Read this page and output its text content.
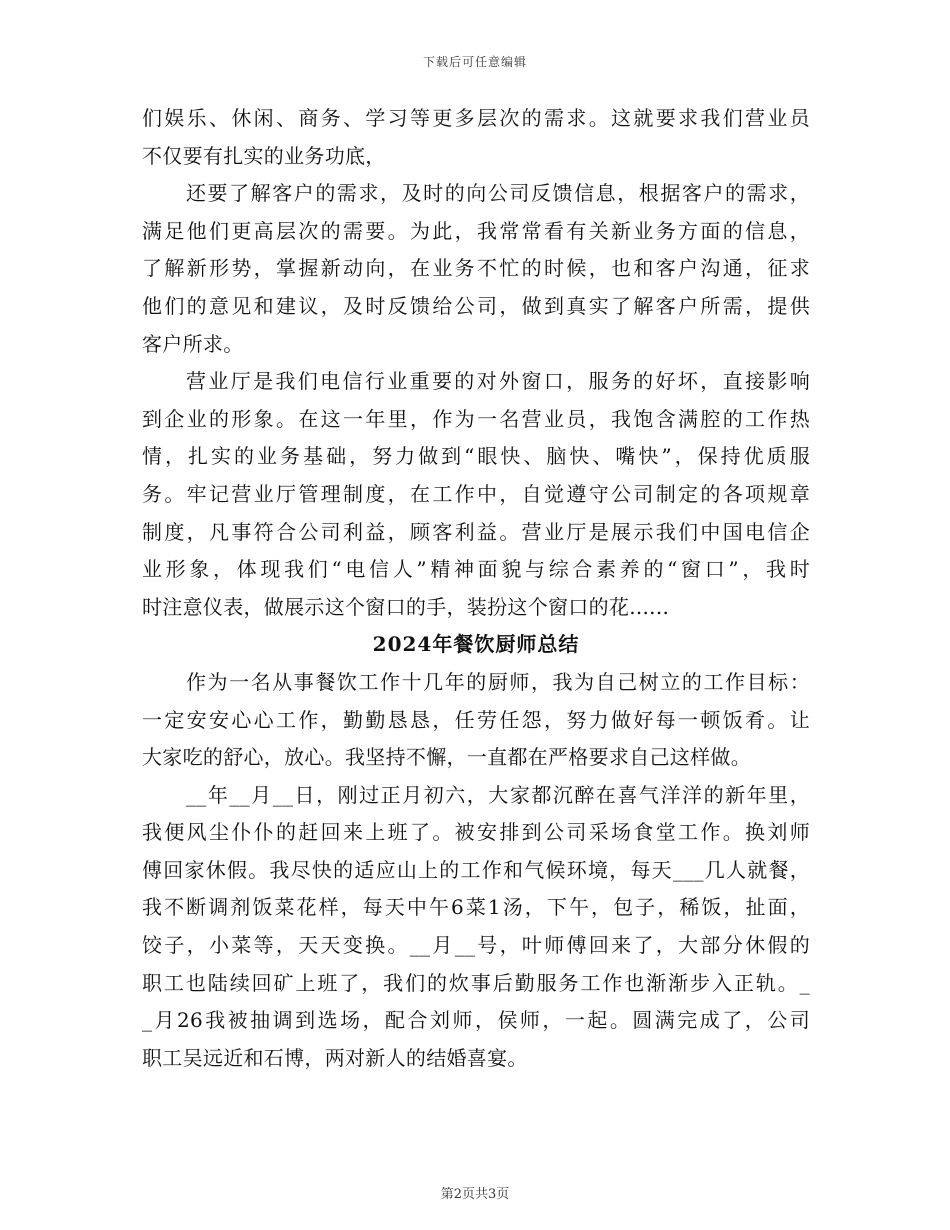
下载后可任意编辑
们娱乐、休闲、商务、学习等更多层次的需求。这就要求我们营业员
不仅要有扎实的业务功底，
还要了解客户的需求，及时的向公司反馈信息，根据客户的需求，
满足他们更高层次的需要。为此，我常常看有关新业务方面的信息，
了解新形势，掌握新动向，在业务不忙的时候，也和客户沟通，征求
他们的意见和建议，及时反馈给公司，做到真实了解客户所需，提供
客户所求。
营业厅是我们电信行业重要的对外窗口，服务的好坏，直接影响
到企业的形象。在这一年里，作为一名营业员，我饱含满腔的工作热
情，扎实的业务基础，努力做到“眼快、脑快、嘴快”，保持优质服
务。牢记营业厅管理制度，在工作中，自觉遵守公司制定的各项规章
制度，凡事符合公司利益，顾客利益。营业厅是展示我们中国电信企
业形象，体现我们“电信人”精神面貌与综合素养的“窗口”，我时
时注意仪表，做展示这个窗口的手，装扮这个窗口的花......
2024年餐饮厨师总结
作为一名从事餐饮工作十几年的厨师，我为自己树立的工作目标：
一定安安心心工作，勤勤恳恳，任劳任怨，努力做好每一顿饭肴。让
大家吃的舒心，放心。我坚持不懈，一直都在严格要求自己这样做。
__年__月__日，刚过正月初六，大家都沉醉在喜气洋洋的新年里，
我便风尘仆仆的赶回来上班了。被安排到公司采场食堂工作。换刘师
傅回家休假。我尽快的适应山上的工作和气候环境，每天___几人就餐，
我不断调剂饭菜花样，每天中午6菜1汤，下午，包子，稀饭，扯面，
饺子，小菜等，天天变换。__月__号，叶师傅回来了，大部分休假的
职工也陆续回矿上班了，我们的炊事后勤服务工作也渐渐步入正轨。_
_月26我被抽调到选场，配合刘师，侯师，一起。圆满完成了，公司
职工吴远近和石博，两对新人的结婚喜宴。
第2页共3页
